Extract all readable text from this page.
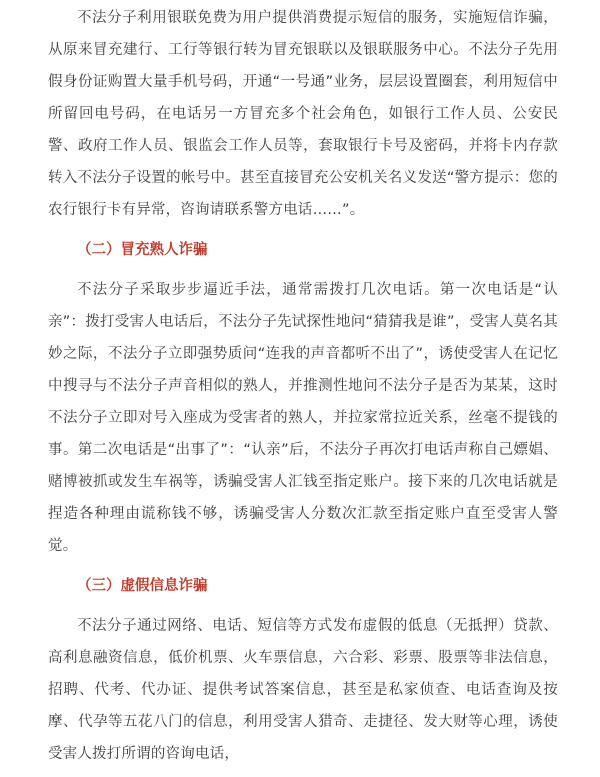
不法分子利用银联免费为用户提供消费提示短信的服务，实施短信诈骗，从原来冒充建行、工行等银行转为冒充银联以及银联服务中心。不法分子先用假身份证购置大量手机号码，开通“一号通”业务，层层设置圈套，利用短信中所留回电号码，在电话另一方冒充多个社会角色，如银行工作人员、公安民警、政府工作人员、银监会工作人员等，套取银行卡号及密码，并将卡内存款转入不法分子设置的帐号中。甚至直接冒充公安机关名义发送“警方提示：您的农行银行卡有异常，咨询请联系警方电话……”。

（二）冒充熟人诈骗

不法分子采取步步逼近手法，通常需拨打几次电话。第一次电话是“认亲”：拨打受害人电话后，不法分子先试探性地问“猜猜我是谁”，受害人莫名其妙之际，不法分子立即强势质问“连我的声音都听不出了”，诱使受害人在记忆中搜寻与不法分子声音相似的熟人，并推测性地问不法分子是否为某某，这时不法分子立即对号入座成为受害者的熟人，并拉家常拉近关系，丝毫不提钱的事。第二次电话是“出事了”：“认亲”后，不法分子再次打电话声称自己嫖娼、赌博被抓或发生车祸等，诱骗受害人汇钱至指定账户。接下来的几次电话就是捏造各种理由谎称钱不够，诱骗受害人分数次汇款至指定账户直至受害人警觉。

（三）虚假信息诈骗

不法分子通过网络、电话、短信等方式发布虚假的低息（无抵押）贷款、高利息融资信息，低价机票、火车票信息，六合彩、彩票、股票等非法信息，招聘、代考、代办证、提供考试答案信息，甚至是私家侦查、电话查询及按摩、代孕等五花八门的信息，利用受害人猎奇、走捷径、发大财等心理，诱使受害人拨打所谓的咨询电话，
